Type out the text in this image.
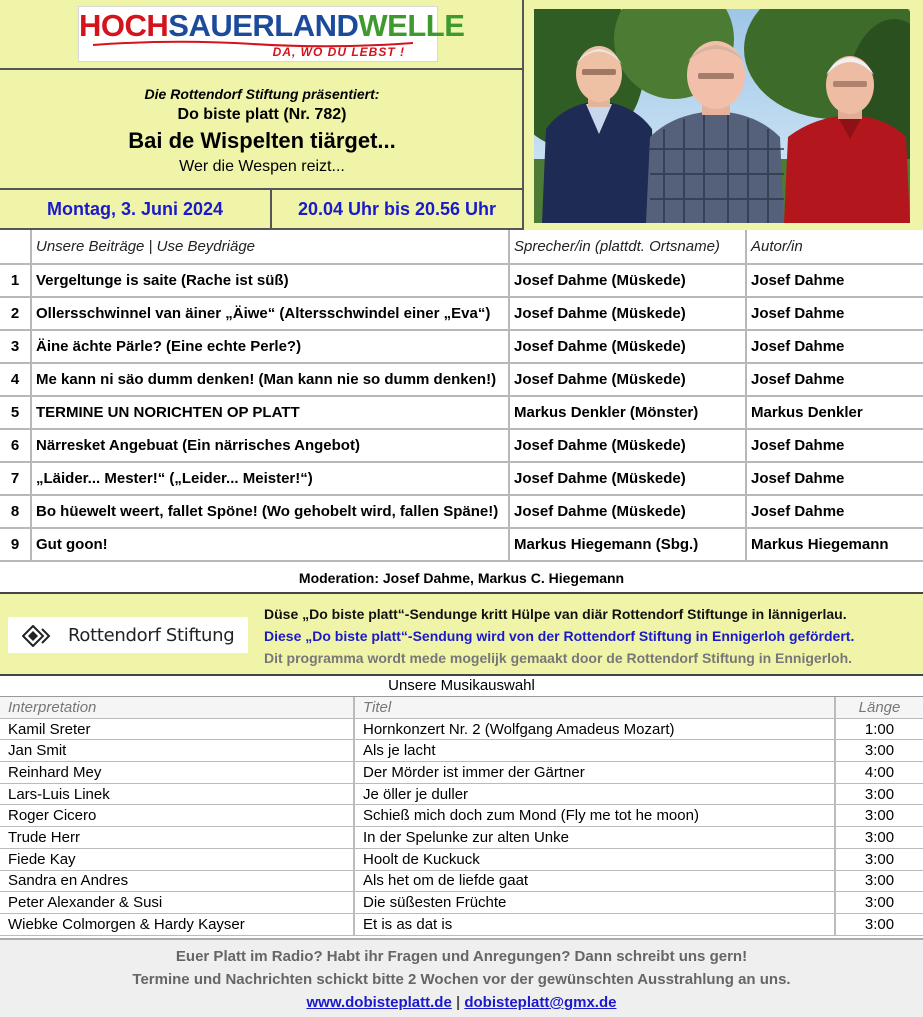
HOCHSAUERLANDWELLE
DA, WO DU LEBST !
Die Rottendorf Stiftung präsentiert:
Do biste platt (Nr. 782)
Bai de Wispelten tiärget...
Wer die Wespen reizt...
Montag, 3. Juni 2024	20.04 Uhr bis 20.56 Uhr
	Unsere Beiträge | Use Beydriäge	Sprecher/in (plattdt. Ortsname)	Autor/in
1	Vergeltunge is saite (Rache ist süß)	Josef Dahme (Müskede)	Josef Dahme
2	Ollersschwinnel van äiner „Äiwe“ (Altersschwindel einer „Eva“)	Josef Dahme (Müskede)	Josef Dahme
3	Äine ächte Pärle? (Eine echte Perle?)	Josef Dahme (Müskede)	Josef Dahme
4	Me kann ni säo dumm denken! (Man kann nie so dumm denken!)	Josef Dahme (Müskede)	Josef Dahme
5	TERMINE UN NORICHTEN OP PLATT	Markus Denkler (Mönster)	Markus Denkler
6	Närresket Angebuat (Ein närrisches Angebot)	Josef Dahme (Müskede)	Josef Dahme
7	„Läider... Mester!“ („Leider... Meister!“)	Josef Dahme (Müskede)	Josef Dahme
8	Bo hüewelt weert, fallet Spöne! (Wo gehobelt wird, fallen Späne!)	Josef Dahme (Müskede)	Josef Dahme
9	Gut goon!	Markus Hiegemann (Sbg.)	Markus Hiegemann
Moderation: Josef Dahme, Markus C. Hiegemann
Rottendorf Stiftung
Düse „Do biste platt“-Sendunge kritt Hülpe van diär Rottendorf Stiftunge in lännigerlau.
Diese „Do biste platt“-Sendung wird von der Rottendorf Stiftung in Ennigerloh gefördert.
Dit programma wordt mede mogelijk gemaakt door de Rottendorf Stiftung in Ennigerloh.
Unsere Musikauswahl
Interpretation	Titel	Länge
Kamil Sreter	Hornkonzert Nr. 2 (Wolfgang Amadeus Mozart)	1:00
Jan Smit	Als je lacht	3:00
Reinhard Mey	Der Mörder ist immer der Gärtner	4:00
Lars-Luis Linek	Je öller je duller	3:00
Roger Cicero	Schieß mich doch zum Mond (Fly me tot he moon)	3:00
Trude Herr	In der Spelunke zur alten Unke	3:00
Fiede Kay	Hoolt de Kuckuck	3:00
Sandra en Andres	Als het om de liefde gaat	3:00
Peter Alexander & Susi	Die süßesten Früchte	3:00
Wiebke Colmorgen & Hardy Kayser	Et is as dat is	3:00
Euer Platt im Radio? Habt ihr Fragen und Anregungen? Dann schreibt uns gern!
Termine und Nachrichten schickt bitte 2 Wochen vor der gewünschten Ausstrahlung an uns.
www.dobisteplatt.de | dobisteplatt@gmx.de
